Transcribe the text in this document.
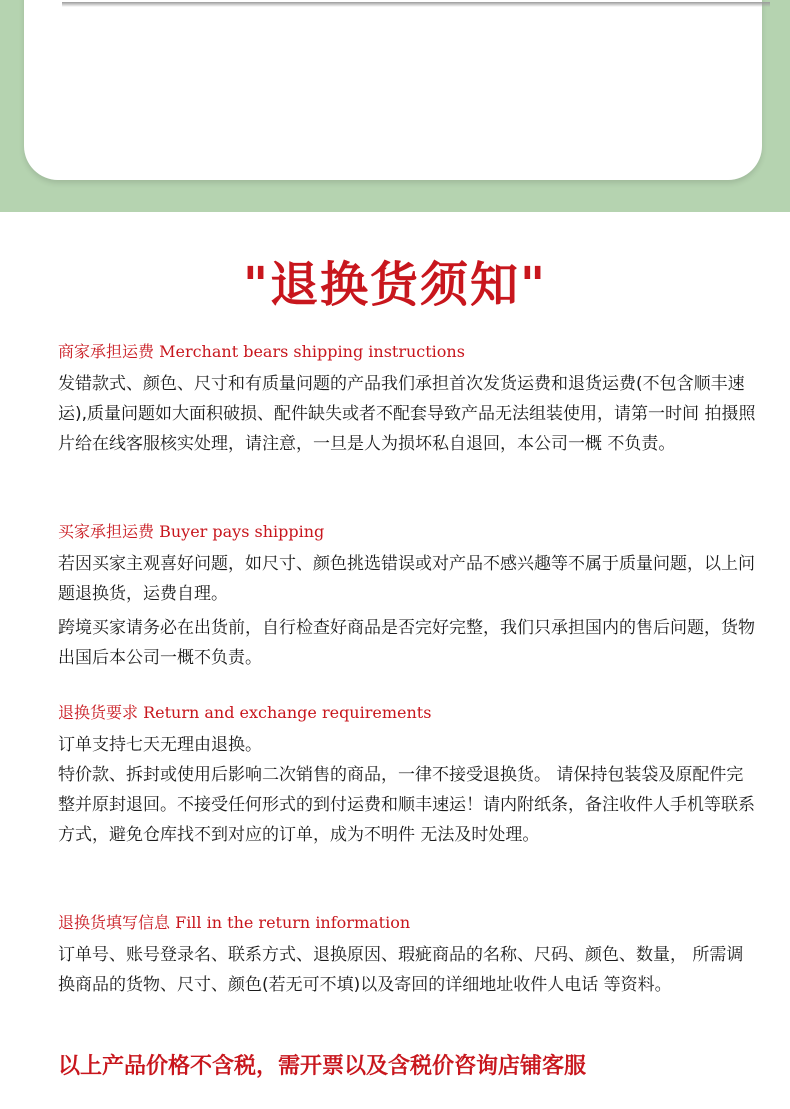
"退换货须知"
商家承担运费 Merchant bears shipping instructions

发错款式、颜色、尺寸和有质量问题的产品我们承担首次发货运费和退货运费(不包含顺丰速运),质量问题如大面积破损、配件缺失或者不配套导致产品无法组装使用，请第一时间 拍摄照片给在线客服核实处理，请注意，一旦是人为损坏私自退回，本公司一概 不负责。

买家承担运费 Buyer pays shipping

若因买家主观喜好问题，如尺寸、颜色挑选错误或对产品不感兴趣等不属于质量问题，以上问题退换货，运费自理。

跨境买家请务必在出货前，自行检查好商品是否完好完整，我们只承担国内的售后问题，货物出国后本公司一概不负责。

退换货要求 Return and exchange requirements

订单支持七天无理由退换。

特价款、拆封或使用后影响二次销售的商品，一律不接受退换货。 请保持包装袋及原配件完整并原封退回。不接受任何形式的到付运费和顺丰速运！请内附纸条，备注收件人手机等联系方式，避免仓库找不到对应的订单，成为不明件 无法及时处理。

退换货填写信息 Fill in the return information

订单号、账号登录名、联系方式、退换原因、瑕疵商品的名称、尺码、颜色、数量， 所需调换商品的货物、尺寸、颜色(若无可不填)以及寄回的详细地址收件人电话 等资料。

以上产品价格不含税，需开票以及含税价咨询店铺客服
